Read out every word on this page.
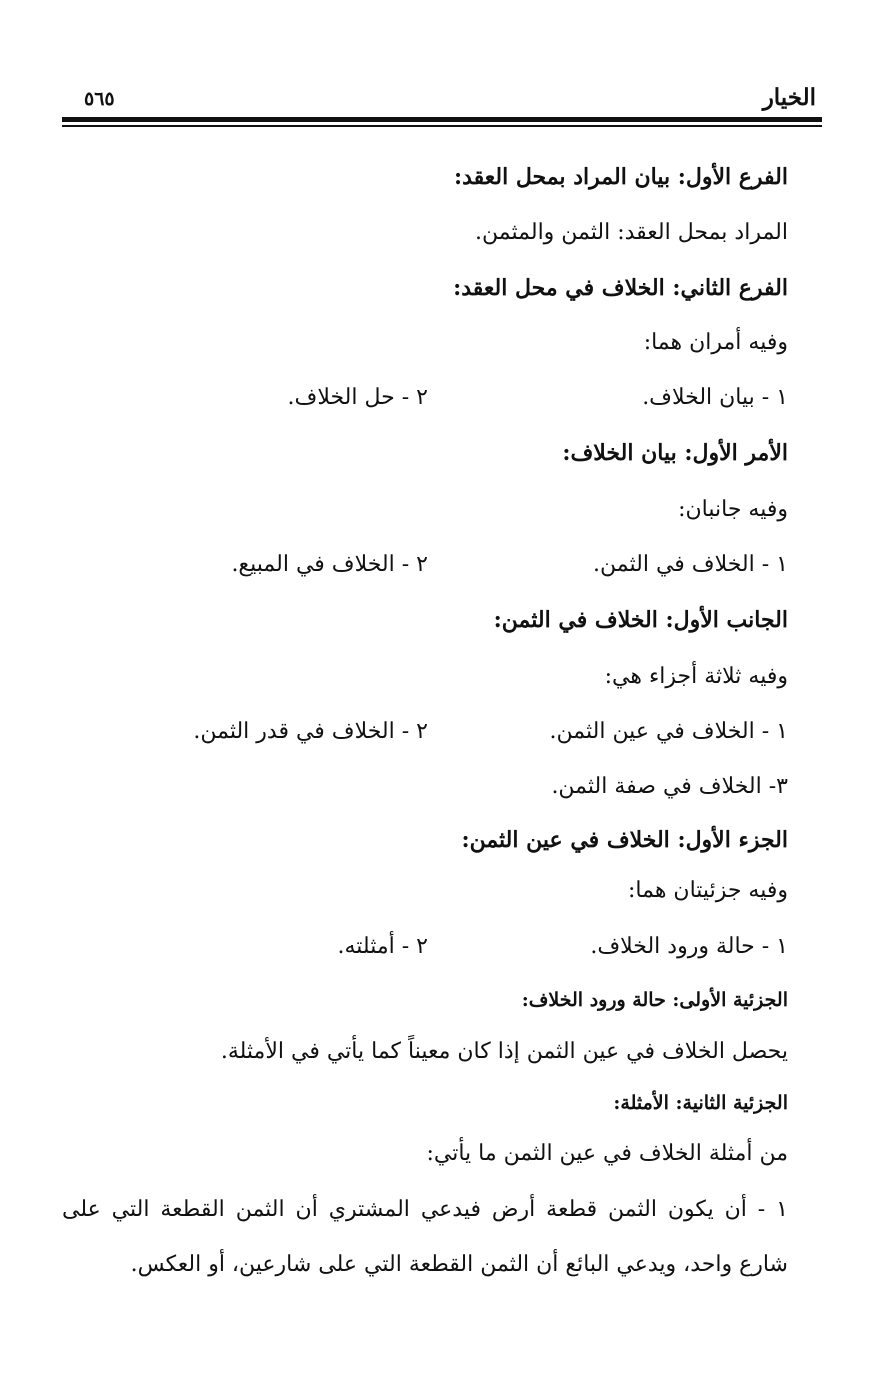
الخيار
٥٦٥
الفرع الأول: بيان المراد بمحل العقد:
المراد بمحل العقد: الثمن والمثمن.
الفرع الثاني: الخلاف في محل العقد:
وفيه أمران هما:
١ - بيان الخلاف.
٢ - حل الخلاف.
الأمر الأول: بيان الخلاف:
وفيه جانبان:
١ - الخلاف في الثمن.
٢ - الخلاف في المبيع.
الجانب الأول: الخلاف في الثمن:
وفيه ثلاثة أجزاء هي:
١ - الخلاف في عين الثمن.
٢ - الخلاف في قدر الثمن.
٣- الخلاف في صفة الثمن.
الجزء الأول: الخلاف في عين الثمن:
وفيه جزئيتان هما:
١ - حالة ورود الخلاف.
٢ - أمثلته.
الجزئية الأولى: حالة ورود الخلاف:
يحصل الخلاف في عين الثمن إذا كان معيناً كما يأتي في الأمثلة.
الجزئية الثانية: الأمثلة:
من أمثلة الخلاف في عين الثمن ما يأتي:
١ - أن يكون الثمن قطعة أرض فيدعي المشتري أن الثمن القطعة التي على
شارع واحد، ويدعي البائع أن الثمن القطعة التي على شارعين، أو العكس.
